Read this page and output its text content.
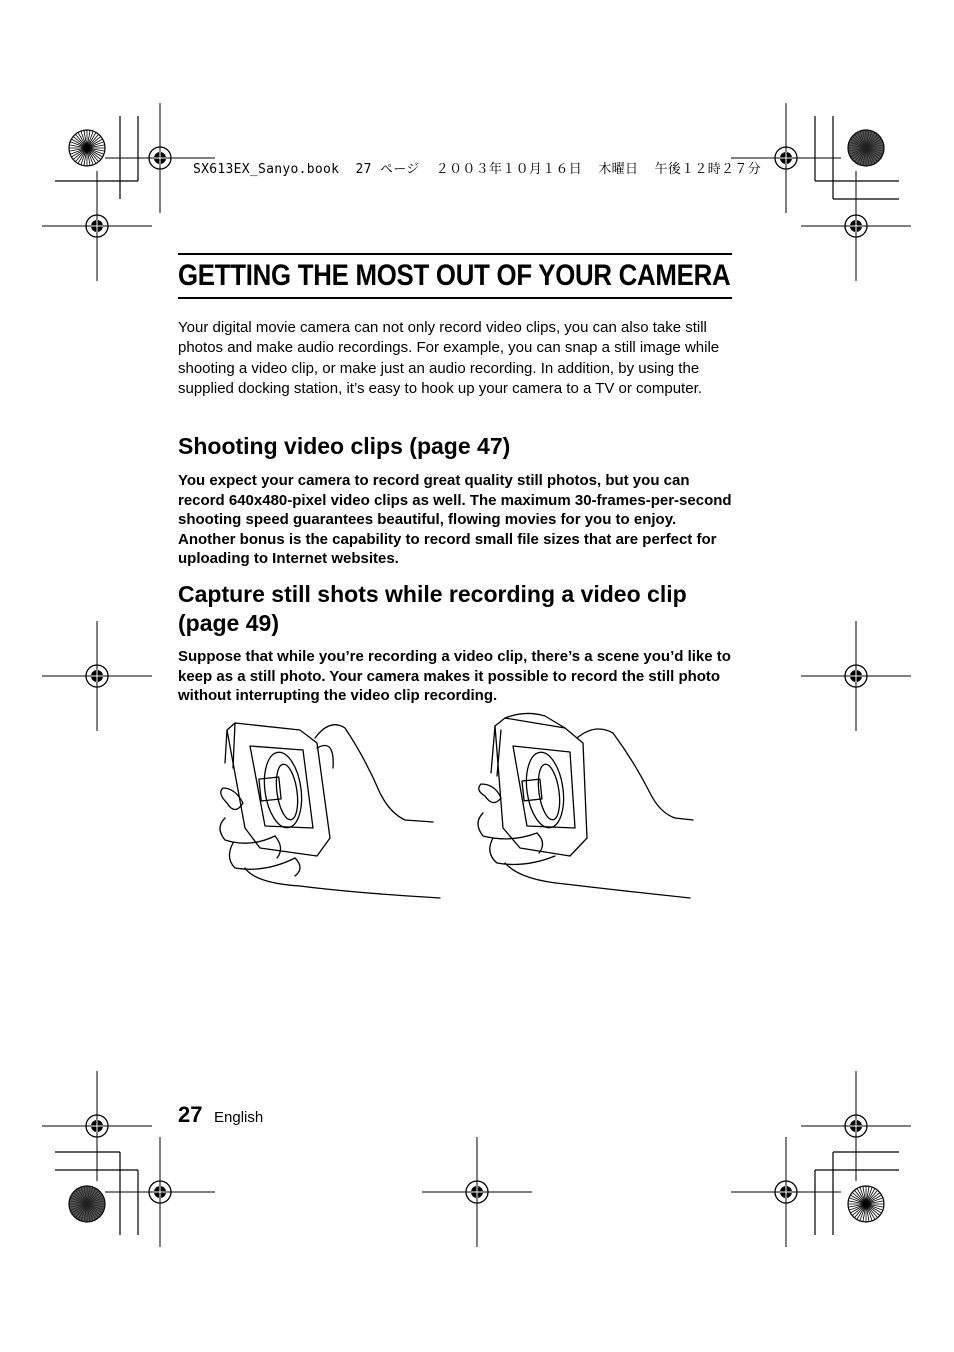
SX613EX_Sanyo.book  27 ページ  ２００３年１０月１６日  木曜日  午後１２時２７分
GETTING THE MOST OUT OF YOUR CAMERA

Your digital movie camera can not only record video clips, you can also take still photos and make audio recordings. For example, you can snap a still image while shooting a video clip, or make just an audio recording. In addition, by using the supplied docking station, it’s easy to hook up your camera to a TV or computer.

Shooting video clips (page 47)

You expect your camera to record great quality still photos, but you can record 640x480-pixel video clips as well. The maximum 30-frames-per-second shooting speed guarantees beautiful, flowing movies for you to enjoy. Another bonus is the capability to record small file sizes that are perfect for uploading to Internet websites.

Capture still shots while recording a video clip (page 49)

Suppose that while you’re recording a video clip, there’s a scene you’d like to keep as a still photo. Your camera makes it possible to record the still photo without interrupting the video clip recording.

27 English
